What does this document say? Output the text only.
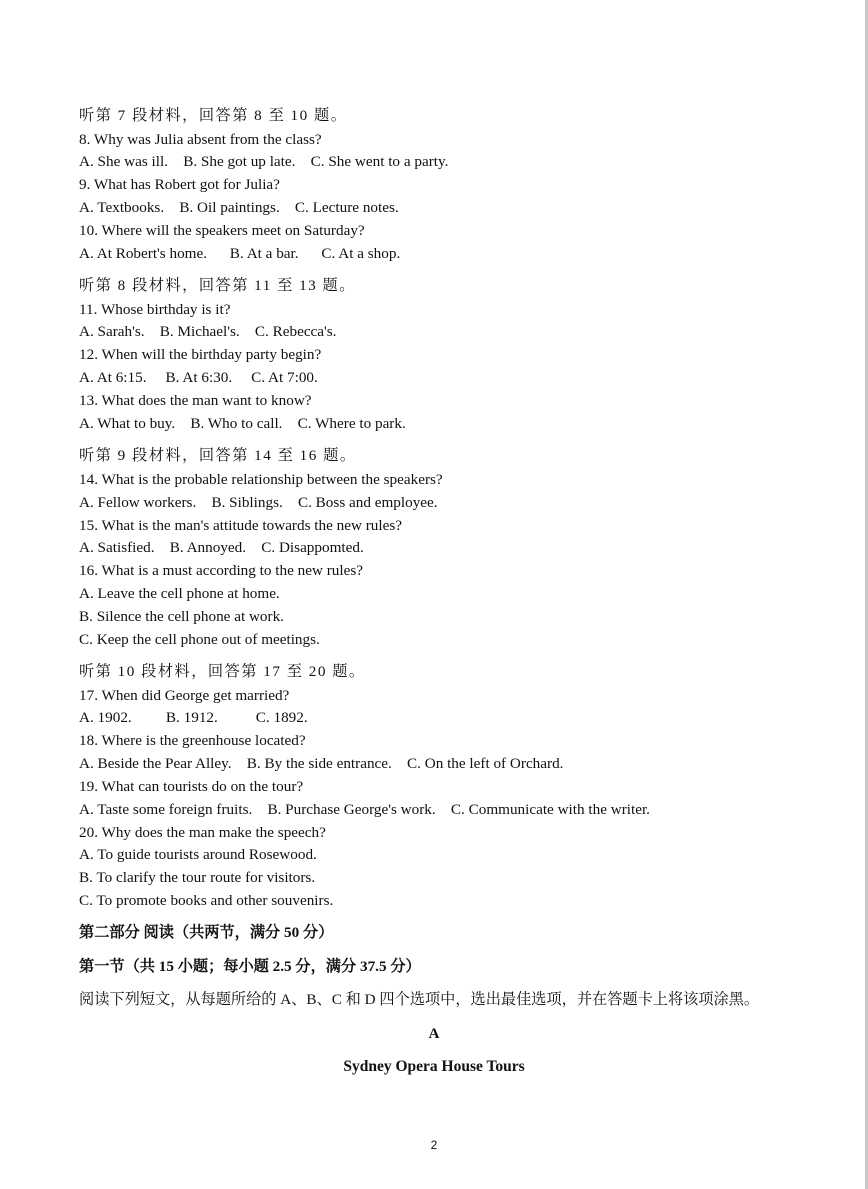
听第 7 段材料，回答第 8 至 10 题。
8. Why was Julia absent from the class?
A. She was ill.    B. She got up late.    C. She went to a party.
9. What has Robert got for Julia?
A. Textbooks.    B. Oil paintings.    C. Lecture notes.
10. Where will the speakers meet on Saturday?
A. At Robert's home.      B. At a bar.      C. At a shop.
听第 8 段材料，回答第 11 至 13 题。
11. Whose birthday is it?
A. Sarah's.    B. Michael's.    C. Rebecca's.
12. When will the birthday party begin?
A. At 6:15.     B. At 6:30.     C. At 7:00.
13. What does the man want to know?
A. What to buy.    B. Who to call.    C. Where to park.
听第 9 段材料，回答第 14 至 16 题。
14. What is the probable relationship between the speakers?
A. Fellow workers.    B. Siblings.    C. Boss and employee.
15. What is the man's attitude towards the new rules?
A. Satisfied.    B. Annoyed.    C. Disappomted.
16. What is a must according to the new rules?
A. Leave the cell phone at home.
B. Silence the cell phone at work.
C. Keep the cell phone out of meetings.
听第 10 段材料，回答第 17 至 20 题。
17. When did George get married?
A. 1902.         B. 1912.          C. 1892.
18. Where is the greenhouse located?
A. Beside the Pear Alley.    B. By the side entrance.    C. On the left of Orchard.
19. What can tourists do on the tour?
A. Taste some foreign fruits.    B. Purchase George's work.    C. Communicate with the writer.
20. Why does the man make the speech?
A. To guide tourists around Rosewood.
B. To clarify the tour route for visitors.
C. To promote books and other souvenirs.
第二部分 阅读（共两节，满分 50 分）
第一节（共 15 小题；每小题 2.5 分，满分 37.5 分）
阅读下列短文，从每题所给的 A、B、C 和 D 四个选项中，选出最佳选项，并在答题卡上将该项涂黑。
A
Sydney Opera House Tours
2
